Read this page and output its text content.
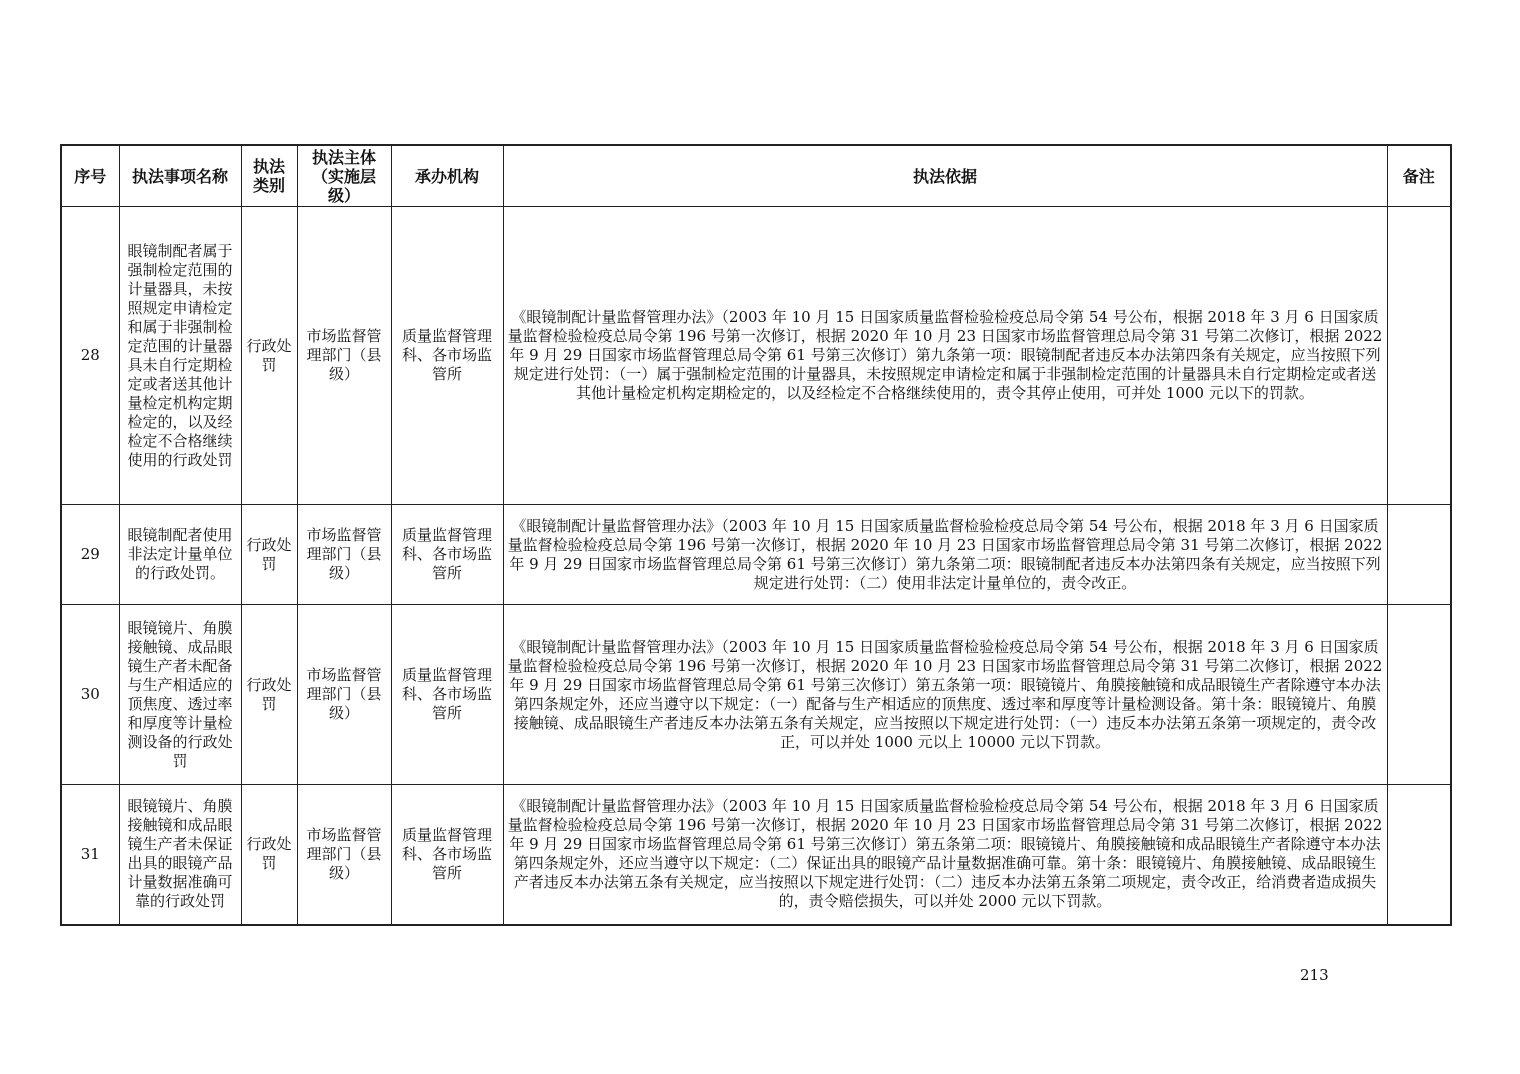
序号	执法事项名称	执法类别	执法主体（实施层级）	承办机构	执法依据	备注
28	眼镜制配者属于强制检定范围的计量器具，未按照规定申请检定和属于非强制检定范围的计量器具未自行定期检定或者送其他计量检定机构定期检定的，以及经检定不合格继续使用的行政处罚	行政处罚	市场监督管理部门（县级）	质量监督管理科、各市场监管所	《眼镜制配计量监督管理办法》（2003 年 10 月 15 日国家质量监督检验检疫总局令第 54 号公布，根据 2018 年 3 月 6 日国家质量监督检验检疫总局令第 196 号第一次修订，根据 2020 年 10 月 23 日国家市场监督管理总局令第 31 号第二次修订，根据 2022 年 9 月 29 日国家市场监督管理总局令第 61 号第三次修订）第九条第一项：眼镜制配者违反本办法第四条有关规定，应当按照下列规定进行处罚：（一）属于强制检定范围的计量器具，未按照规定申请检定和属于非强制检定范围的计量器具未自行定期检定或者送其他计量检定机构定期检定的，以及经检定不合格继续使用的，责令其停止使用，可并处 1000 元以下的罚款。	
29	眼镜制配者使用非法定计量单位的行政处罚。	行政处罚	市场监督管理部门（县级）	质量监督管理科、各市场监管所	《眼镜制配计量监督管理办法》（2003 年 10 月 15 日国家质量监督检验检疫总局令第 54 号公布，根据 2018 年 3 月 6 日国家质量监督检验检疫总局令第 196 号第一次修订，根据 2020 年 10 月 23 日国家市场监督管理总局令第 31 号第二次修订，根据 2022 年 9 月 29 日国家市场监督管理总局令第 61 号第三次修订）第九条第二项：眼镜制配者违反本办法第四条有关规定，应当按照下列规定进行处罚：（二）使用非法定计量单位的，责令改正。	
30	眼镜镜片、角膜接触镜、成品眼镜生产者未配备与生产相适应的顶焦度、透过率和厚度等计量检测设备的行政处罚	行政处罚	市场监督管理部门（县级）	质量监督管理科、各市场监管所	《眼镜制配计量监督管理办法》（2003 年 10 月 15 日国家质量监督检验检疫总局令第 54 号公布，根据 2018 年 3 月 6 日国家质量监督检验检疫总局令第 196 号第一次修订，根据 2020 年 10 月 23 日国家市场监督管理总局令第 31 号第二次修订，根据 2022 年 9 月 29 日国家市场监督管理总局令第 61 号第三次修订）第五条第一项：眼镜镜片、角膜接触镜和成品眼镜生产者除遵守本办法第四条规定外，还应当遵守以下规定：（一）配备与生产相适应的顶焦度、透过率和厚度等计量检测设备。第十条：眼镜镜片、角膜接触镜、成品眼镜生产者违反本办法第五条有关规定，应当按照以下规定进行处罚：（一）违反本办法第五条第一项规定的，责令改正，可以并处 1000 元以上 10000 元以下罚款。	
31	眼镜镜片、角膜接触镜和成品眼镜生产者未保证出具的眼镜产品计量数据准确可靠的行政处罚	行政处罚	市场监督管理部门（县级）	质量监督管理科、各市场监管所	《眼镜制配计量监督管理办法》（2003 年 10 月 15 日国家质量监督检验检疫总局令第 54 号公布，根据 2018 年 3 月 6 日国家质量监督检验检疫总局令第 196 号第一次修订，根据 2020 年 10 月 23 日国家市场监督管理总局令第 31 号第二次修订，根据 2022 年 9 月 29 日国家市场监督管理总局令第 61 号第三次修订）第五条第二项：眼镜镜片、角膜接触镜和成品眼镜生产者除遵守本办法第四条规定外，还应当遵守以下规定：（二）保证出具的眼镜产品计量数据准确可靠。第十条：眼镜镜片、角膜接触镜、成品眼镜生产者违反本办法第五条有关规定，应当按照以下规定进行处罚：（二）违反本办法第五条第二项规定，责令改正，给消费者造成损失的，责令赔偿损失，可以并处 2000 元以下罚款。	
213
